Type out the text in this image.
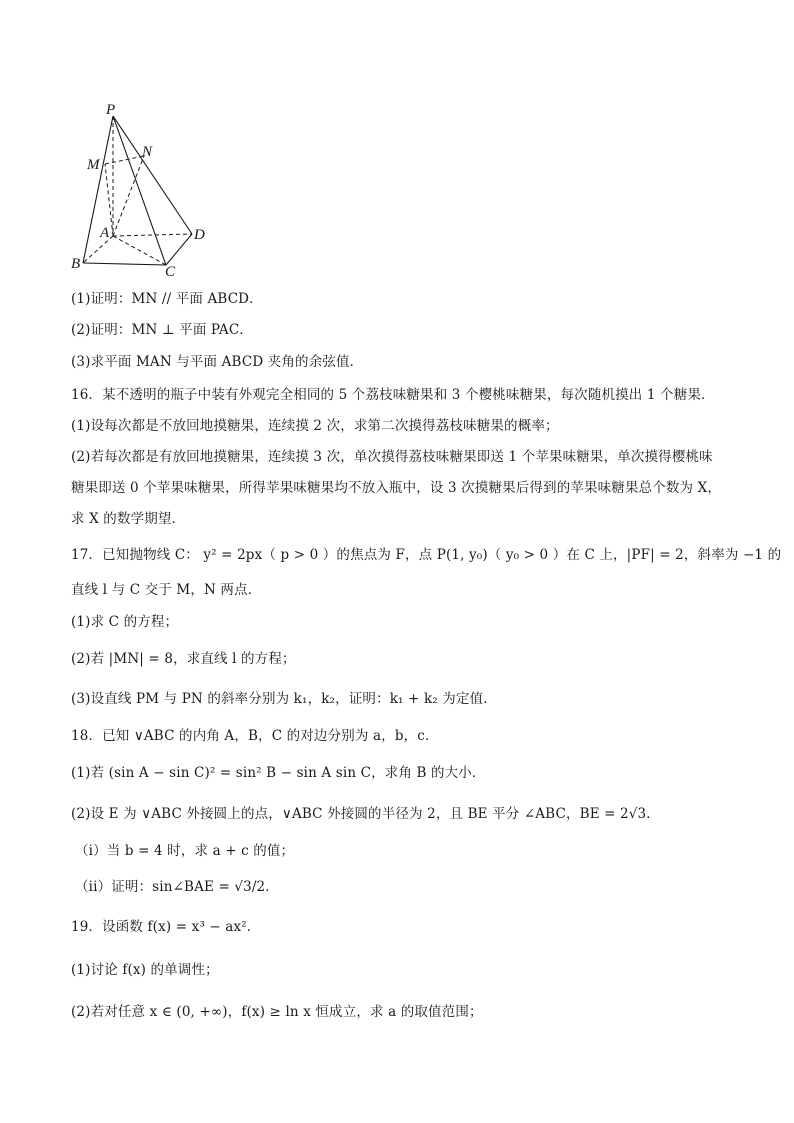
P
M
N
A
B	C
D
(1)证明：MN // 平面 ABCD．
(2)证明：MN ⊥ 平面 PAC．
(3)求平面 MAN 与平面 ABCD 夹角的余弦值．
16．某不透明的瓶子中装有外观完全相同的 5 个荔枝味糖果和 3 个樱桃味糖果，每次随机摸出 1 个糖果．
(1)设每次都是不放回地摸糖果，连续摸 2 次，求第二次摸得荔枝味糖果的概率；
(2)若每次都是有放回地摸糖果，连续摸 3 次，单次摸得荔枝味糖果即送 1 个苹果味糖果，单次摸得樱桃味
糖果即送 0 个苹果味糖果，所得苹果味糖果均不放入瓶中，设 3 次摸糖果后得到的苹果味糖果总个数为 X，
求 X 的数学期望．
17．已知抛物线 C： y² = 2px（ p > 0 ）的焦点为 F，点 P(1, y₀)（ y₀ > 0 ）在 C 上，|PF| = 2，斜率为 −1 的
直线 l 与 C 交于 M，N 两点．
(1)求 C 的方程；
(2)若 |MN| = 8，求直线 l 的方程；
(3)设直线 PM 与 PN 的斜率分别为 k₁，k₂，证明：k₁ + k₂ 为定值．
18．已知 ∨ABC 的内角 A，B，C 的对边分别为 a，b，c．
(1)若 (sin A − sin C)² = sin² B − sin A sin C，求角 B 的大小．
(2)设 E 为 ∨ABC 外接圆上的点，∨ABC 外接圆的半径为 2，且 BE 平分 ∠ABC，BE = 2√3．
（i）当 b = 4 时，求 a + c 的值；
（ii）证明：sin∠BAE = √3/2．
19．设函数 f(x) = x³ − ax²．
(1)讨论 f(x) 的单调性；
(2)若对任意 x ∈ (0, +∞)，f(x) ≥ ln x 恒成立，求 a 的取值范围；
